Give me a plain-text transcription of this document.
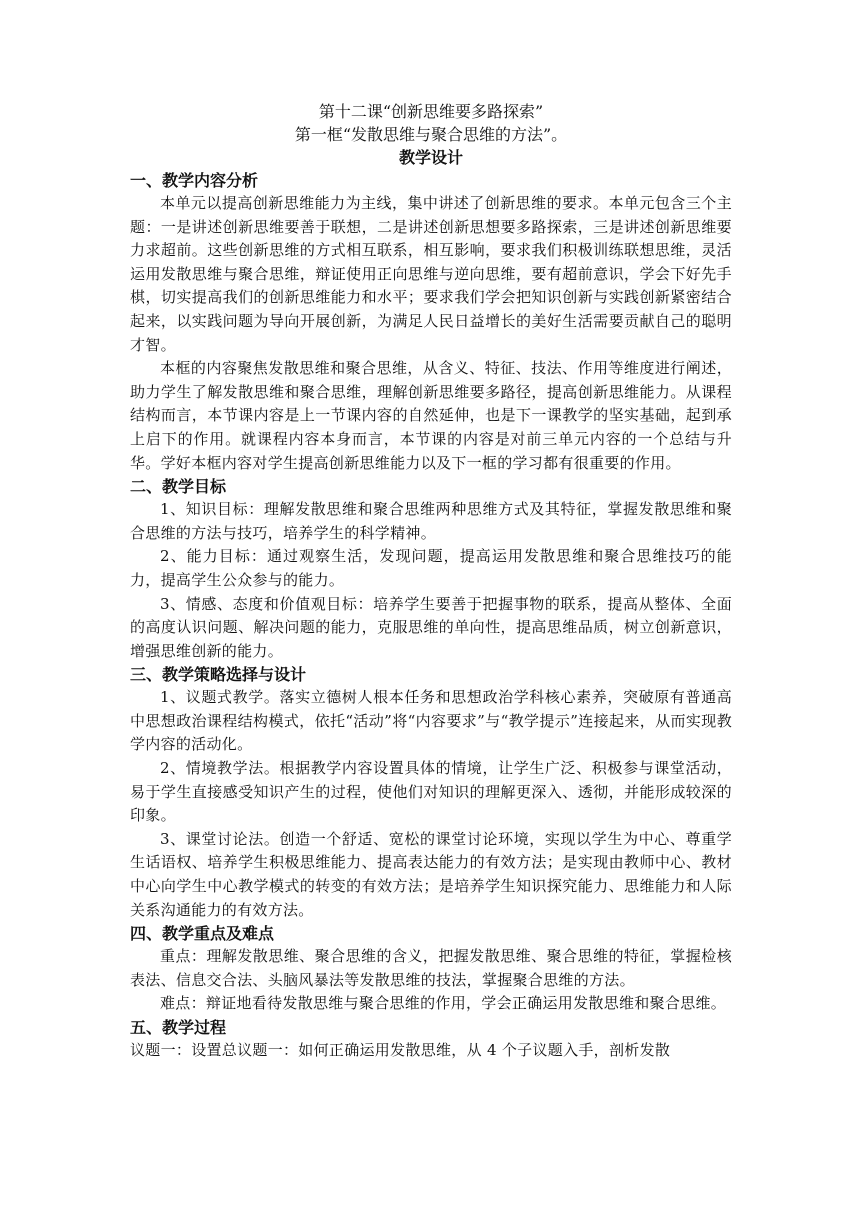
第十二课“创新思维要多路探索”
第一框“发散思维与聚合思维的方法”。
教学设计
一、教学内容分析

本单元以提高创新思维能力为主线，集中讲述了创新思维的要求。本单元包含三个主题：一是讲述创新思维要善于联想，二是讲述创新思想要多路探索，三是讲述创新思维要力求超前。这些创新思维的方式相互联系，相互影响，要求我们积极训练联想思维，灵活运用发散思维与聚合思维，辩证使用正向思维与逆向思维，要有超前意识，学会下好先手棋，切实提高我们的创新思维能力和水平；要求我们学会把知识创新与实践创新紧密结合起来，以实践问题为导向开展创新，为满足人民日益增长的美好生活需要贡献自己的聪明才智。

本框的内容聚焦发散思维和聚合思维，从含义、特征、技法、作用等维度进行阐述，助力学生了解发散思维和聚合思维，理解创新思维要多路径，提高创新思维能力。从课程结构而言，本节课内容是上一节课内容的自然延伸，也是下一课教学的坚实基础，起到承上启下的作用。就课程内容本身而言，本节课的内容是对前三单元内容的一个总结与升华。学好本框内容对学生提高创新思维能力以及下一框的学习都有很重要的作用。

二、教学目标

1、知识目标：理解发散思维和聚合思维两种思维方式及其特征，掌握发散思维和聚合思维的方法与技巧，培养学生的科学精神。

2、能力目标：通过观察生活，发现问题，提高运用发散思维和聚合思维技巧的能力，提高学生公众参与的能力。

3、情感、态度和价值观目标：培养学生要善于把握事物的联系，提高从整体、全面的高度认识问题、解决问题的能力，克服思维的单向性，提高思维品质，树立创新意识，增强思维创新的能力。

三、教学策略选择与设计

1、议题式教学。落实立德树人根本任务和思想政治学科核心素养，突破原有普通高中思想政治课程结构模式，依托“活动”将“内容要求”与“教学提示”连接起来，从而实现教学内容的活动化。

2、情境教学法。根据教学内容设置具体的情境，让学生广泛、积极参与课堂活动，易于学生直接感受知识产生的过程，使他们对知识的理解更深入、透彻，并能形成较深的印象。

3、课堂讨论法。创造一个舒适、宽松的课堂讨论环境，实现以学生为中心、尊重学生话语权、培养学生积极思维能力、提高表达能力的有效方法；是实现由教师中心、教材中心向学生中心教学模式的转变的有效方法；是培养学生知识探究能力、思维能力和人际关系沟通能力的有效方法。

四、教学重点及难点

重点：理解发散思维、聚合思维的含义，把握发散思维、聚合思维的特征，掌握检核表法、信息交合法、头脑风暴法等发散思维的技法，掌握聚合思维的方法。

难点：辩证地看待发散思维与聚合思维的作用，学会正确运用发散思维和聚合思维。

五、教学过程

议题一：设置总议题一：如何正确运用发散思维，从 4 个子议题入手，剖析发散
